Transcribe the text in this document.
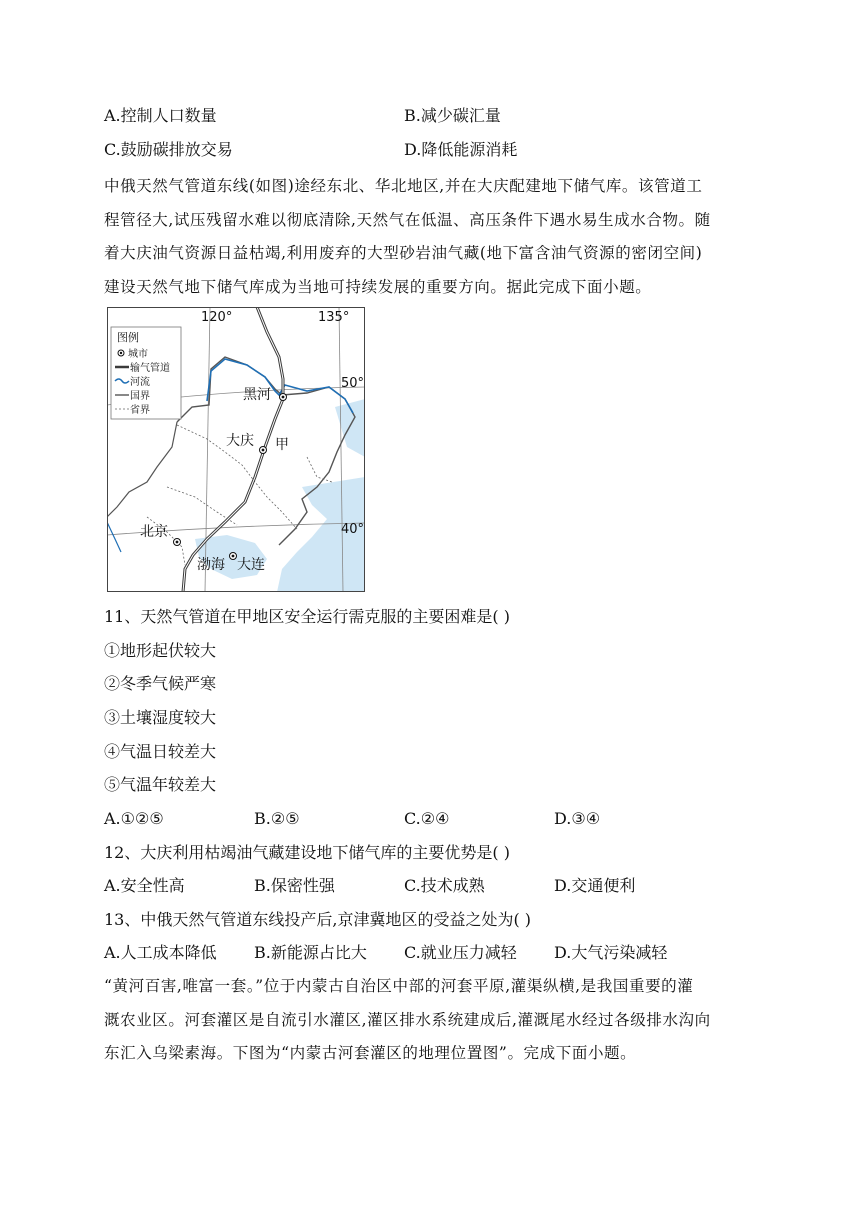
A.控制人口数量	B.减少碳汇量
C.鼓励碳排放交易	D.降低能源消耗
中俄天然气管道东线(如图)途经东北、华北地区,并在大庆配建地下储气库。该管道工
程管径大,试压残留水难以彻底清除,天然气在低温、高压条件下遇水易生成水合物。随
着大庆油气资源日益枯竭,利用废弃的大型砂岩油气藏(地下富含油气资源的密闭空间)
建设天然气地下储气库成为当地可持续发展的重要方向。据此完成下面小题。
图例
城市
输气管道
河流
国界
省界
120°	135°
50°
40°
黑河
大庆 甲
北京
渤海 大连
11、天然气管道在甲地区安全运行需克服的主要困难是( )
①地形起伏较大
②冬季气候严寒
③土壤湿度较大
④气温日较差大
⑤气温年较差大
A.①②⑤	B.②⑤	C.②④	D.③④
12、大庆利用枯竭油气藏建设地下储气库的主要优势是( )
A.安全性高	B.保密性强	C.技术成熟	D.交通便利
13、中俄天然气管道东线投产后,京津冀地区的受益之处为( )
A.人工成本降低 B.新能源占比大 C.就业压力减轻 D.大气污染减轻
“黄河百害,唯富一套。”位于内蒙古自治区中部的河套平原,灌渠纵横,是我国重要的灌
溉农业区。河套灌区是自流引水灌区,灌区排水系统建成后,灌溉尾水经过各级排水沟向
东汇入乌梁素海。下图为“内蒙古河套灌区的地理位置图”。完成下面小题。
